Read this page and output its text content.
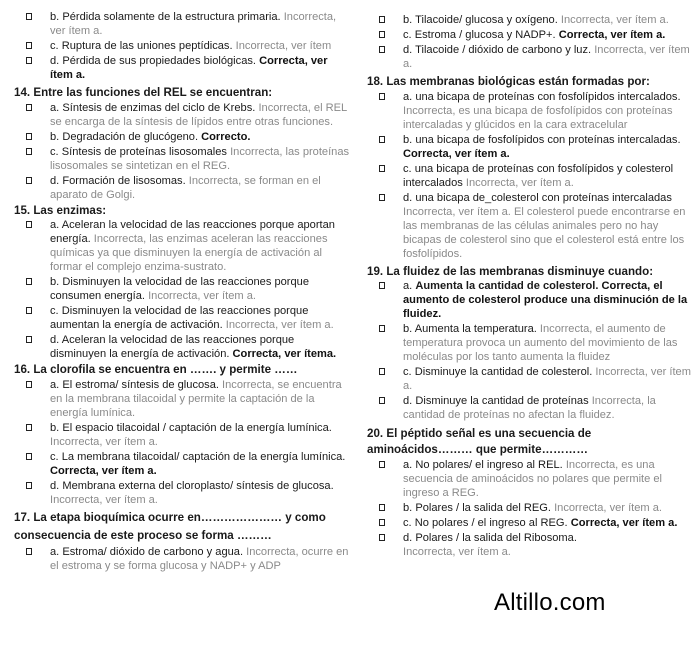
b. Pérdida solamente de la estructura primaria. Incorrecta, ver ítem a.
c. Ruptura de las uniones peptídicas. Incorrecta, ver ítem
d. Pérdida de sus propiedades biológicas. Correcta, ver ítem a.
14. Entre las funciones del REL se encuentran:
a. Síntesis de enzimas del ciclo de Krebs. Incorrecta, el REL se encarga de la síntesis de lípidos entre otras funciones.
b. Degradación de glucógeno. Correcto.
c. Síntesis de proteínas lisosomales Incorrecta, las proteínas lisosomales se sintetizan en el REG.
d. Formación de lisosomas. Incorrecta, se forman en el aparato de Golgi.
15. Las enzimas:
a. Aceleran la velocidad de las reacciones porque aportan energía. Incorrecta, las enzimas aceleran las reacciones químicas ya que disminuyen la energía de activación al formar el complejo enzima-sustrato.
b. Disminuyen la velocidad de las reacciones porque consumen energía. Incorrecta, ver ítem a.
c. Disminuyen la velocidad de las reacciones porque aumentan la energía de activación. Incorrecta, ver ítem a.
d. Aceleran la velocidad de las reacciones porque disminuyen la energía de activación. Correcta, ver ítema.
16. La clorofila se encuentra en ……. y permite ……
a. El estroma/ síntesis de glucosa. Incorrecta, se encuentra en la membrana tilacoidal y permite la captación de la energía lumínica.
b. El espacio tilacoidal / captación de la energía lumínica. Incorrecta, ver ítem a.
c. La membrana tilacoidal/ captación de la energía lumínica. Correcta, ver ítem a.
d. Membrana externa del cloroplasto/ síntesis de glucosa. Incorrecta, ver ítem a.
17. La etapa bioquímica ocurre en………………… y como consecuencia de este proceso se forma ………
a. Estroma/ dióxido de carbono y agua. Incorrecta, ocurre en el estroma y se forma glucosa y NADP+ y ADP
b. Tilacoide/ glucosa y oxígeno. Incorrecta, ver ítem a.
c. Estroma / glucosa y NADP+. Correcta, ver ítem a.
d. Tilacoide / dióxido de carbono y luz. Incorrecta, ver ítem a.
18. Las membranas biológicas están formadas por:
a. una bicapa de proteínas con fosfolípidos intercalados. Incorrecta, es una bicapa de fosfolípidos con proteínas intercaladas y glúcidos en la cara extracelular
b. una bicapa de fosfolípidos con proteínas intercaladas. Correcta, ver ítem a.
c. una bicapa de proteínas con fosfolípidos y colesterol intercalados Incorrecta, ver ítem a.
d. una bicapa de_colesterol con proteínas intercaladas Incorrecta, ver ítem a. El colesterol puede encontrarse en las membranas de las células animales pero no hay bicapas de colesterol sino que el colesterol está entre los fosfolípidos.
19. La fluidez de las membranas disminuye cuando:
a. Aumenta la cantidad de colesterol. Correcta, el aumento de colesterol produce una disminución de la fluidez.
b. Aumenta la temperatura. Incorrecta, el aumento de temperatura provoca un aumento del movimiento de las moléculas por los tanto aumenta la fluidez
c. Disminuye la cantidad de colesterol. Incorrecta, ver ítem a.
d. Disminuye la cantidad de proteínas Incorrecta, la cantidad de proteínas no afectan la fluidez.
20. El péptido señal es una secuencia de aminoácidos……… que permite…………
a. No polares/ el ingreso al REL. Incorrecta, es una secuencia de aminoácidos no polares que permite el ingreso a REG.
b. Polares / la salida del REG. Incorrecta, ver ítem a.
c. No polares / el ingreso al REG. Correcta, ver ítem a.
d. Polares / la salida del Ribosoma. Incorrecta, ver ítem a.
Altillo.com
